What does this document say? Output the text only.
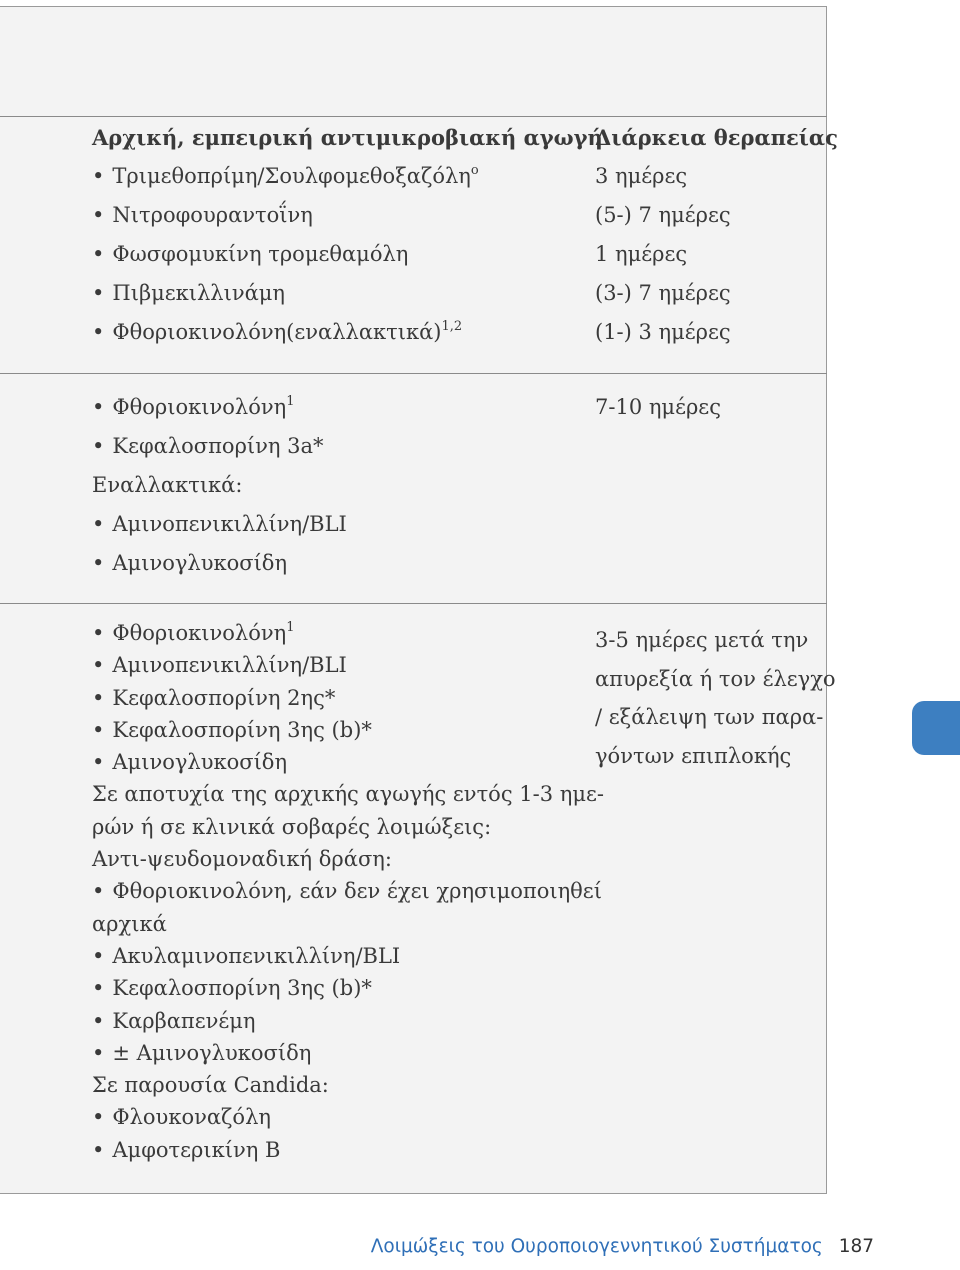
Αρχική, εμπειρική αντιμικροβιακή αγωγή
• Τριμεθοπρίμη/Σουλφομεθοξαζόλη$^o$
• Νιτροφουραντοΐνη
• Φωσφομυκίνη τρομεθαμόλη
• Πιβμεκιλλινάμη
• $\Phi\theta o\rho\iota o\kappa\iota\nu o\lambda ό\nu\eta(\varepsilon\nu\alpha\lambda\lambda\alpha\kappa\tau\iota\kappa ά)^{1,2}$
Διάρκεια θεραπείας
3 ημέρες
(5-) 7 ημέρες
1 ημέρες
(3-) 7 ημέρες
(1-) 3 ημέρες
• Φθοριοκινολόνη$^1$
• Κεφαλοσπορίνη 3a*
Εναλλακτικά:
• Αμινοπενικιλλίνη/BLI
• Αμινογλυκοσίδη
7-10 ημέρες
• Φθοριοκινολόνη$^1$
• Αμινοπενικιλλίνη/BLI
• Κεφαλοσπορίνη 2ης*
• Κεφαλοσπορίνη 3ης (b)*
• Αμινογλυκοσίδη
Σε αποτυχία της αρχικής αγωγής εντός 1-3 ημε-
ρών ή σε κλινικά σοβαρές λοιμώξεις:
Αντι-ψευδομοναδική δράση:
• Φθοριοκινολόνη, εάν δεν έχει χρησιμοποιηθεί
αρχικά
• Ακυλαμινοπενικιλλίνη/BLI
• Κεφαλοσπορίνη 3ης (b)*
• Καρβαπενέμη
• ± Αμινογλυκοσίδη
Σε παρουσία Candida:
• Φλουκοναζόλη
• Αμφοτερικίνη Β
3-5 ημέρες μετά την
απυρεξία ή τον έλεγχο
/ εξάλειψη των παρα-
γόντων επιπλοκής
Λοιμώξεις του Ουροποιογεννητικού Συστήματος 187
